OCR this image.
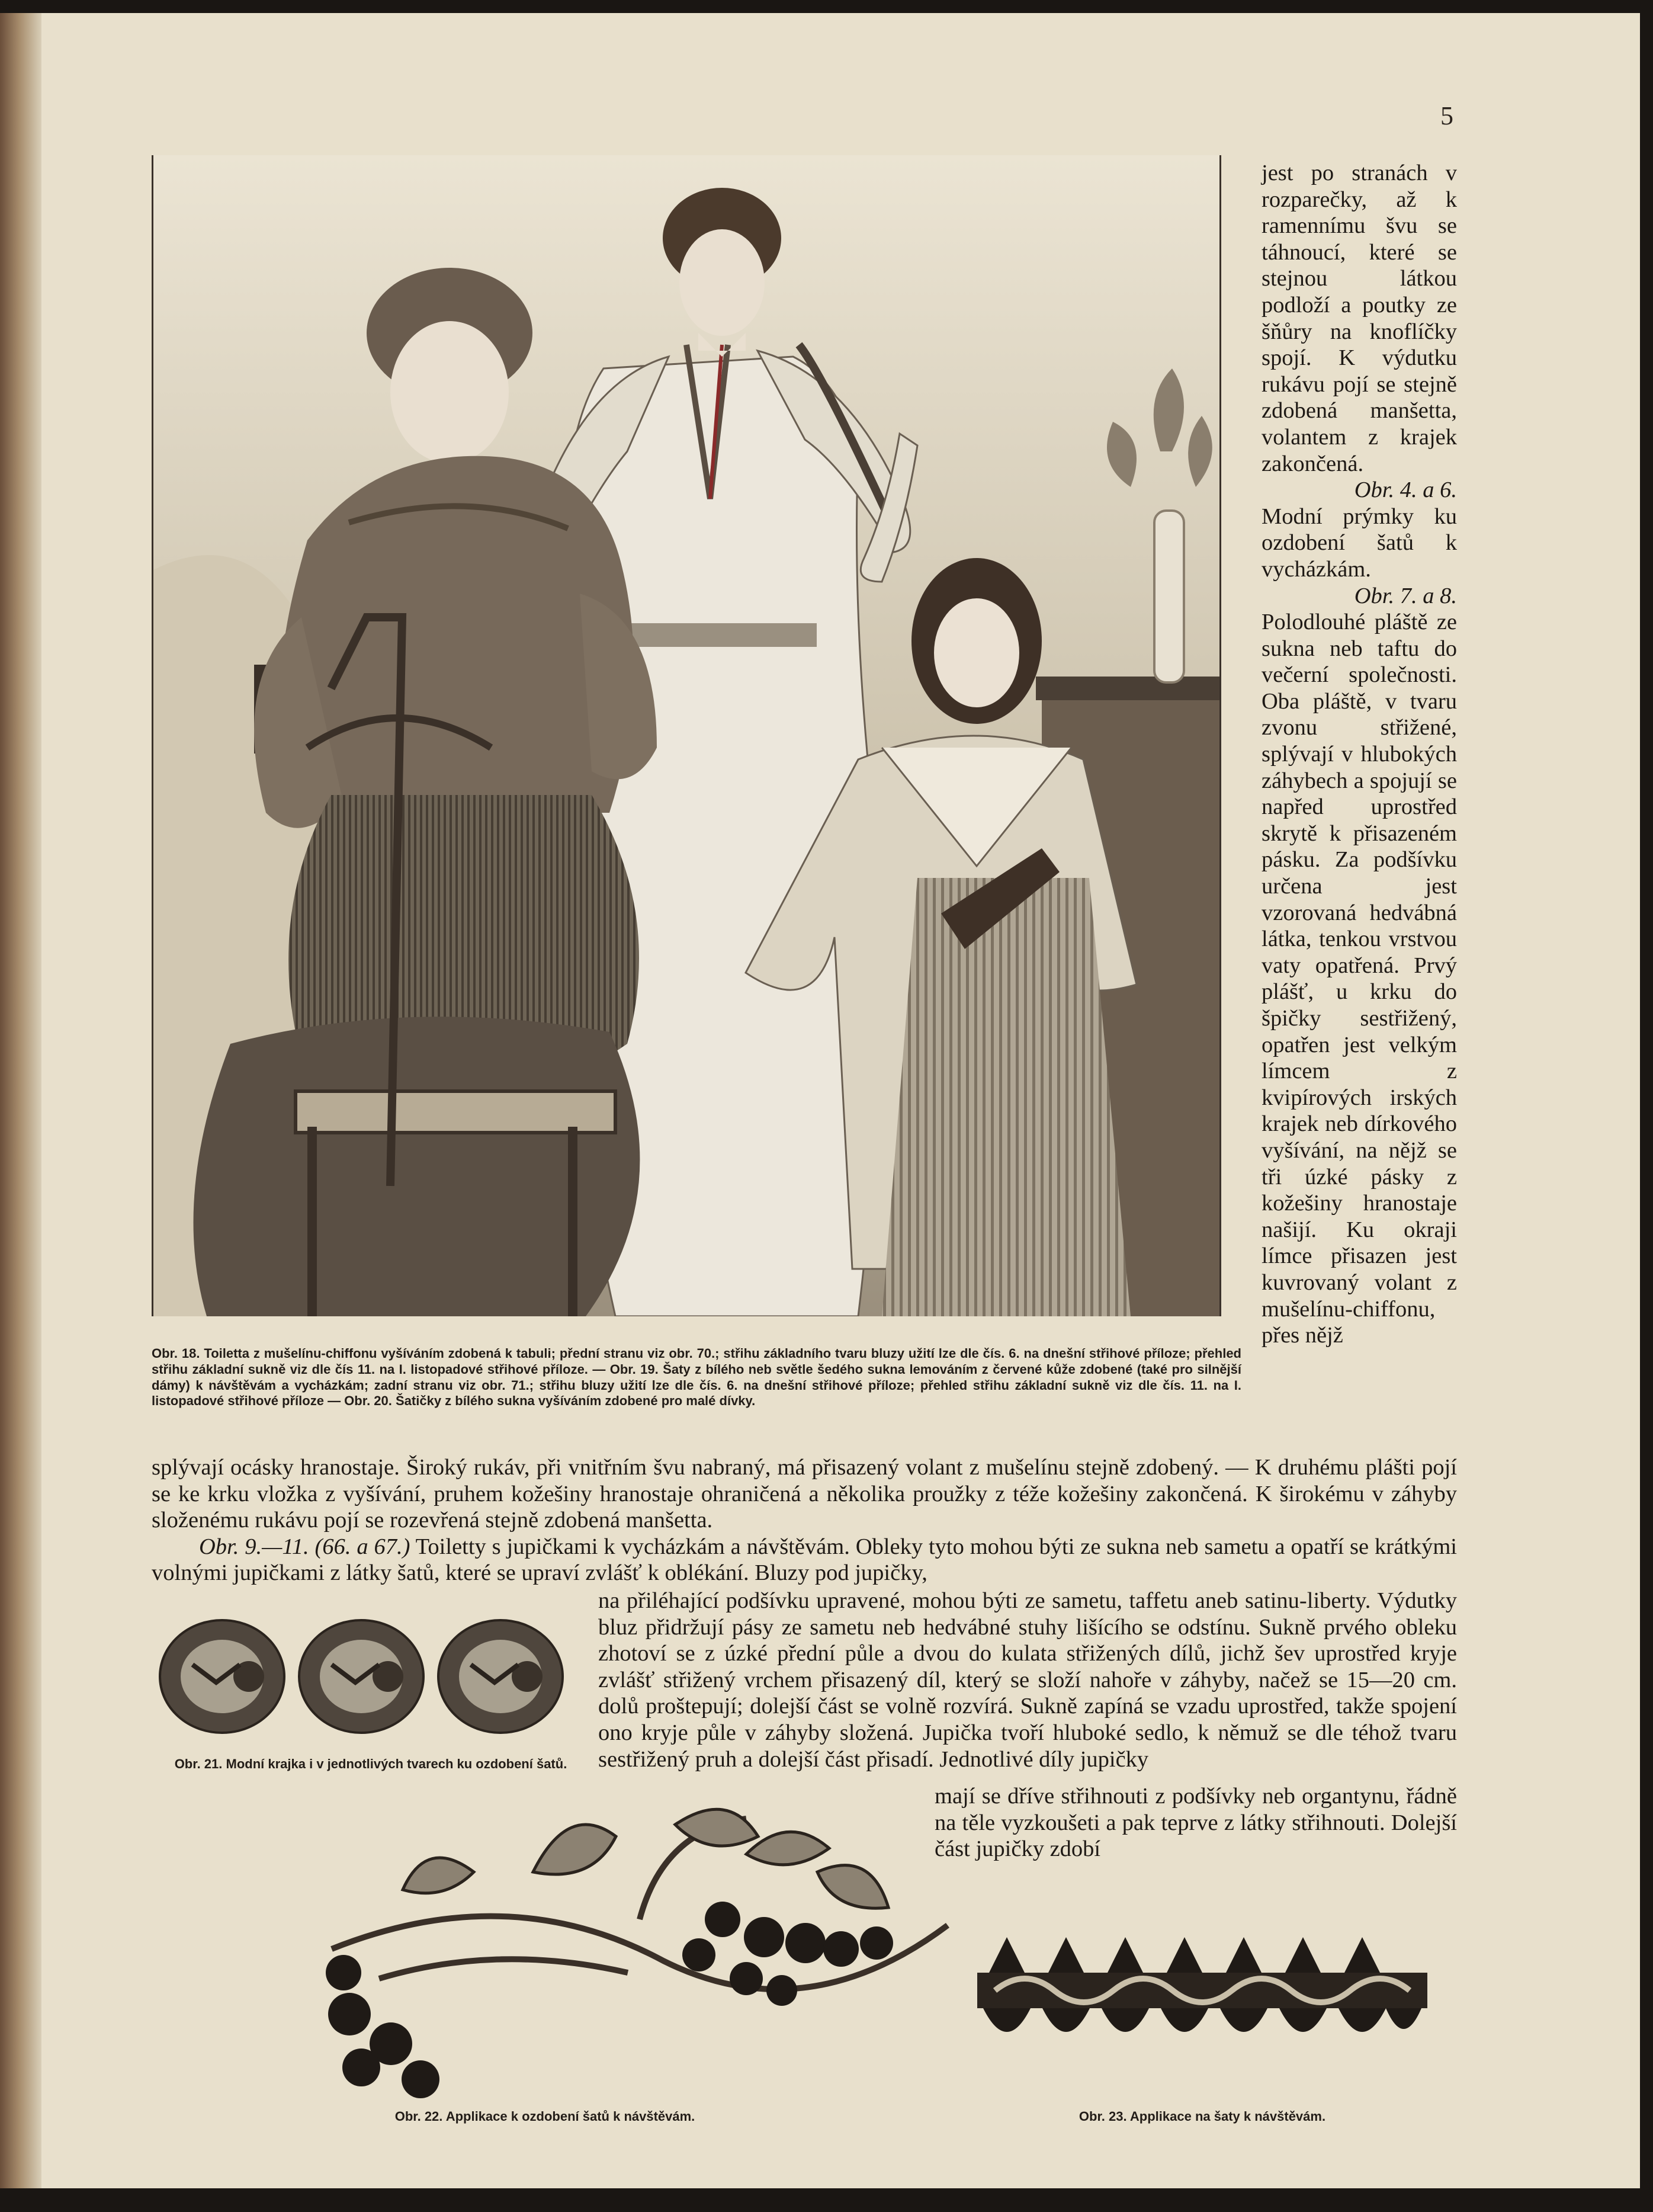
5

jest po stranách v rozparečky, až k ramennímu švu se táhnoucí, které se stejnou látkou podloží a poutky ze šňůry na knoflíčky spojí. K výdutku rukávu pojí se stejně zdobená manšetta, volantem z krajek zakončená.

Obr. 4. a 6.

Modní prýmky ku ozdobení šatů k vycházkám.

Obr. 7. a 8.

Polodlouhé pláště ze sukna neb taftu do večerní společnosti. Oba pláště, v tvaru zvonu střižené, splývají v hlubokých záhybech a spojují se napřed uprostřed skrytě k přisazeném pásku. Za podšívku určena jest vzorovaná hedvábná látka, tenkou vrstvou vaty opatřená. Prvý plášť, u krku do špičky sestřižený, opatřen jest velkým límcem z kvipírových irských krajek neb dírkového vyšívání, na nějž se tři úzké pásky z kožešiny hranostaje našijí. Ku okraji límce přisazen jest kuvrovaný volant z mušelínu-chiffonu, přes nějž

Obr. 18. Toiletta z mušelínu-chiffonu vyšíváním zdobená k tabuli; přední stranu viz obr. 70.; střihu základního tvaru bluzy užití lze dle čís. 6. na dnešní střihové příloze; přehled střihu základní sukně viz dle čís 11. na I. listopadové střihové příloze. — Obr. 19. Šaty z bílého neb světle šedého sukna lemováním z červené kůže zdobené (také pro silnější dámy) k návštěvám a vycházkám; zadní stranu viz obr. 71.; střihu bluzy užití lze dle čís. 6. na dnešní střihové příloze; přehled střihu základní sukně viz dle čís. 11. na I. listopadové střihové příloze — Obr. 20. Šatičky z bílého sukna vyšíváním zdobené pro malé dívky.

splývají ocásky hranostaje. Široký rukáv, při vnitřním švu nabraný, má přisazený volant z mušelínu stejně zdobený. — K druhému plášti pojí se ke krku vložka z vyšívání, pruhem kožešiny hranostaje ohraničená a několika proužky z téže kožešiny zakončená. K širokému v záhyby složenému rukávu pojí se rozevřená stejně zdobená manšetta.

Obr. 9.—11. (66. a 67.) Toiletty s jupičkami k vycházkám a návštěvám. Obleky tyto mohou býti ze sukna neb sametu a opatří se krátkými volnými jupičkami z látky šatů, které se upraví zvlášť k oblékání. Bluzy pod jupičky,

na přiléhající podšívku upravené, mohou býti ze sametu, taffetu aneb satinu-liberty. Výdutky bluz přidržují pásy ze sametu neb hedvábné stuhy lišícího se odstínu. Sukně prvého obleku zhotoví se z úzké přední půle a dvou do kulata střižených dílů, jichž šev uprostřed kryje zvlášť střižený vrchem přisazený díl, který se složí nahoře v záhyby, načež se 15—20 cm. dolů proštepují; dolejší část se volně rozvírá. Sukně zapíná se vzadu uprostřed, takže spojení ono kryje půle v záhyby složená. Jupička tvoří hluboké sedlo, k němuž se dle téhož tvaru sestřižený pruh a dolejší část přisadí. Jednotlivé díly jupičky
mají se dříve střihnouti z podšívky neb organtynu, řádně na těle vyzkoušeti a pak teprve z látky střihnouti. Dolejší část jupičky zdobí
Obr. 21. Modní krajka i v jednotlivých tvarech ku ozdobení šatů.
Obr. 22. Applikace k ozdobení šatů k návštěvám.	Obr. 23. Applikace na šaty k návštěvám.
